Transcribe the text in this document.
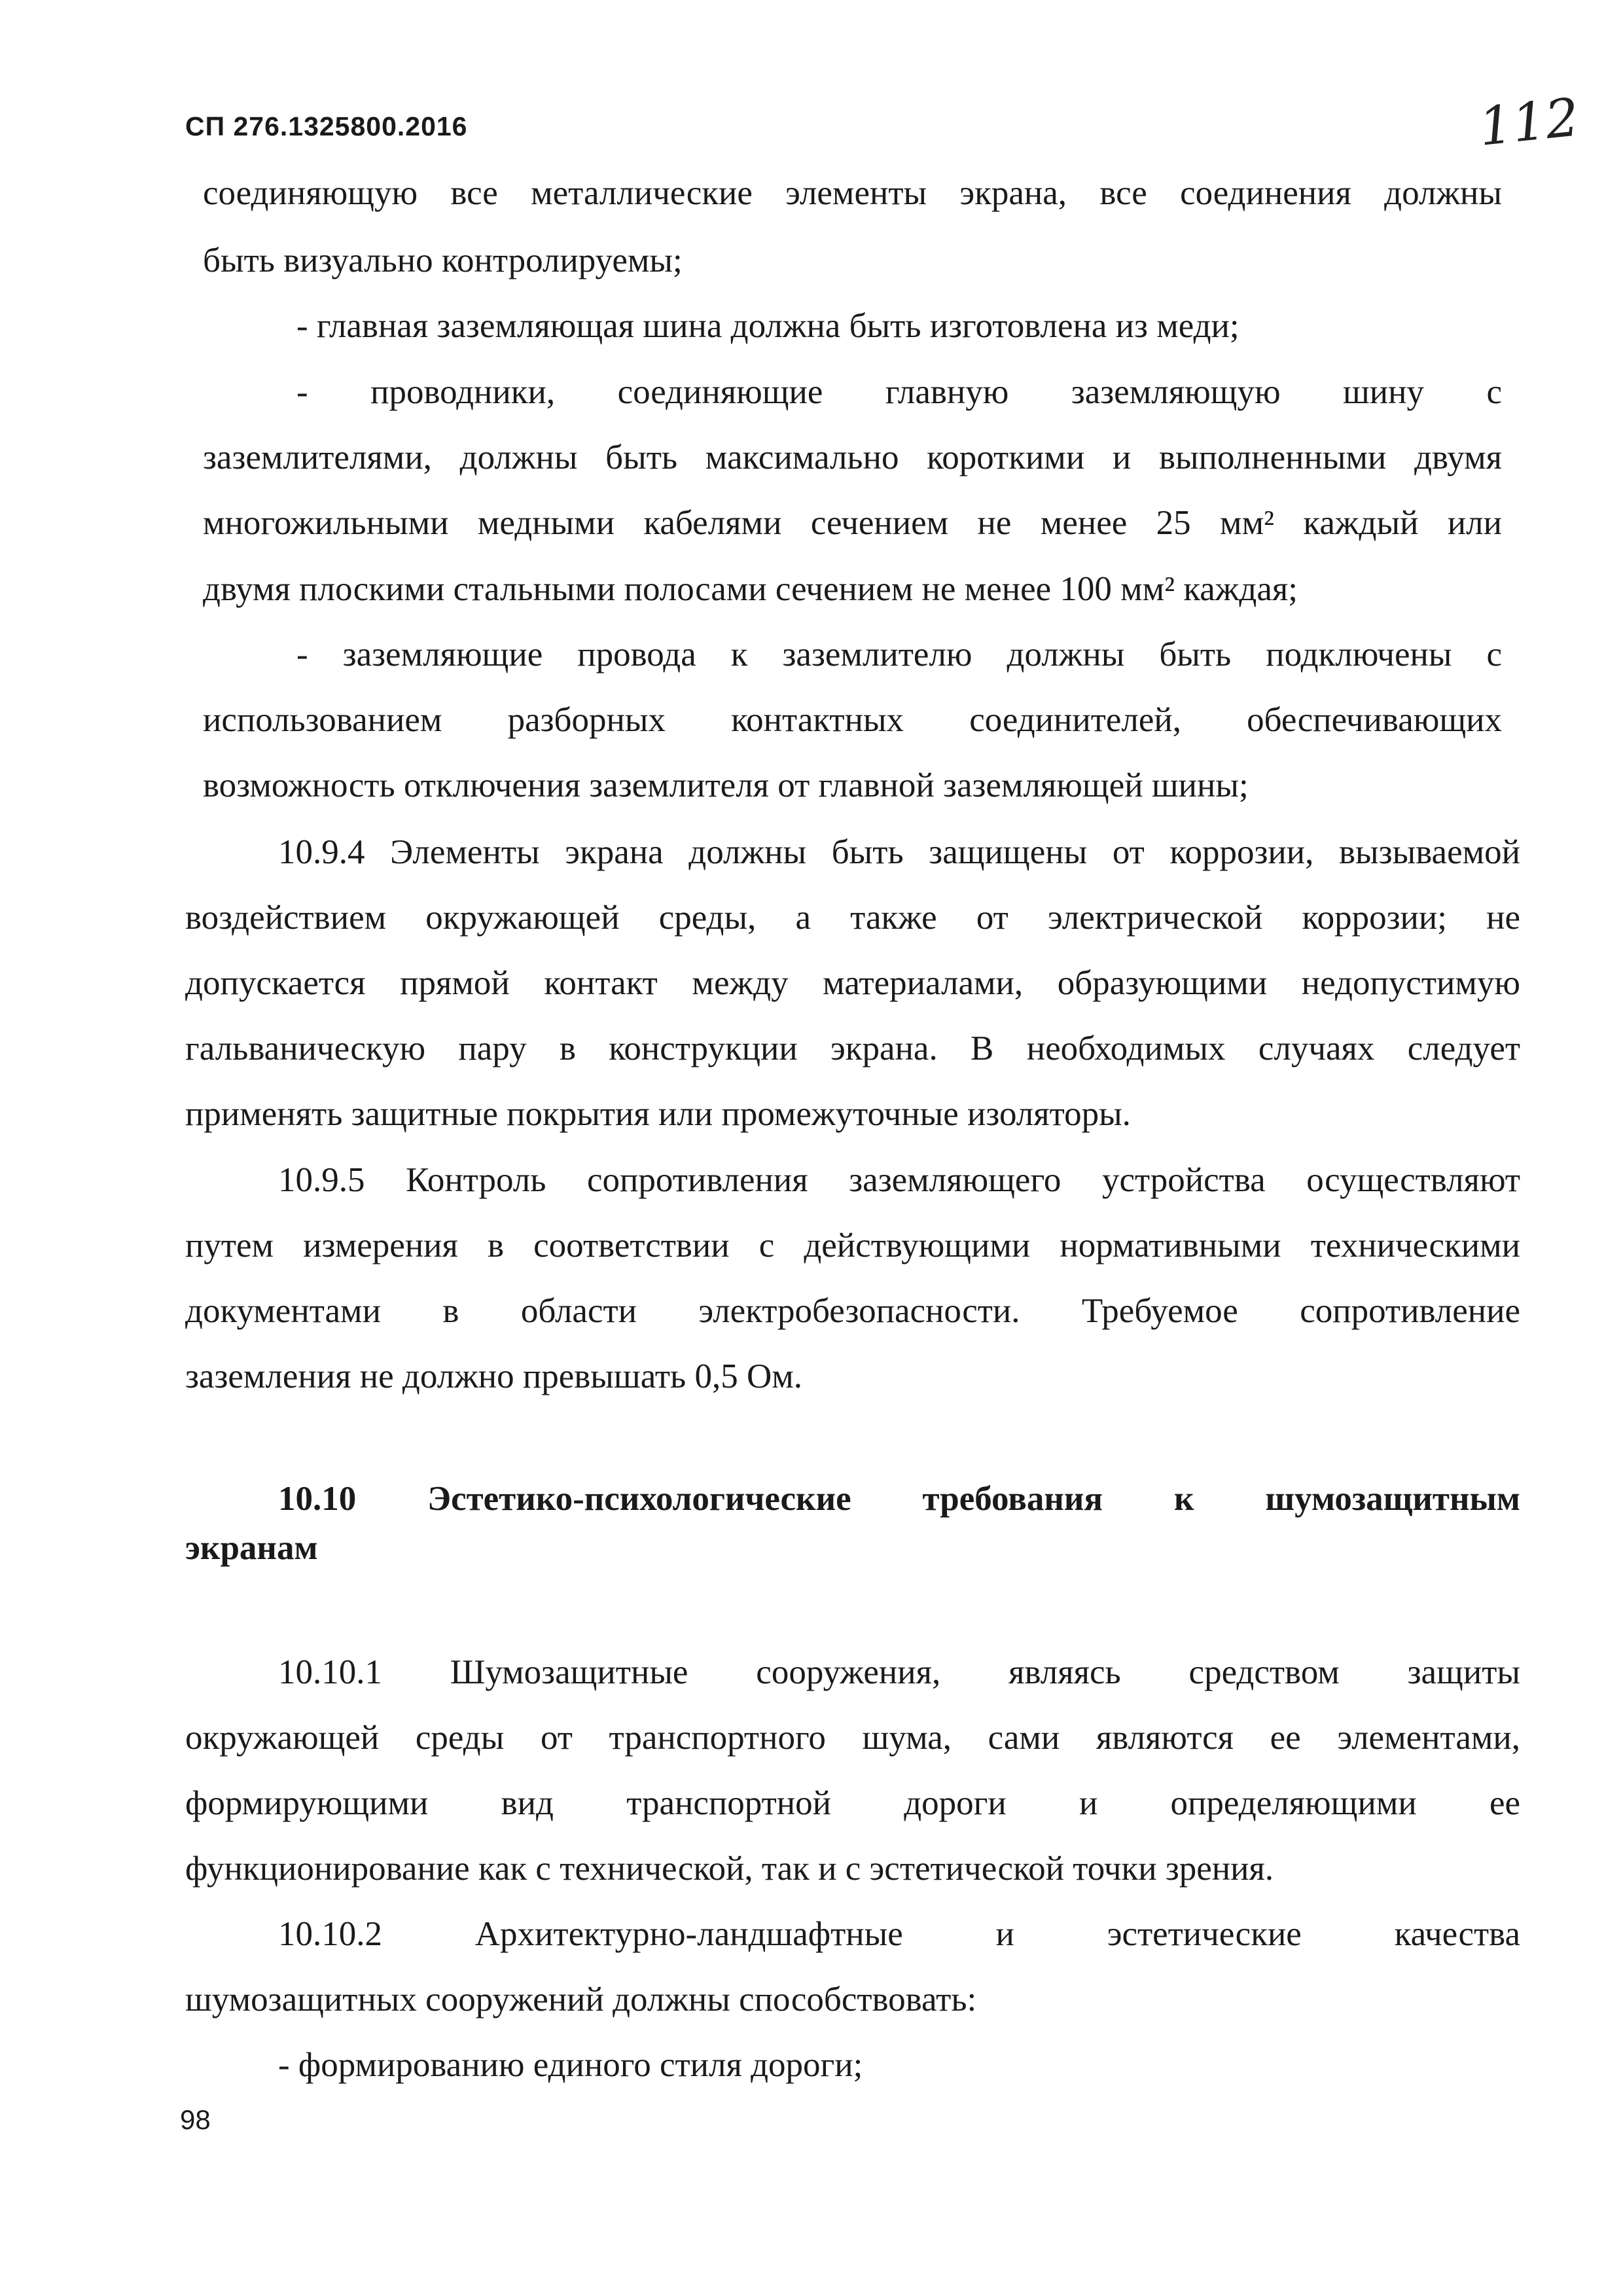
СП 276.1325800.2016	112
соединяющую все металлические элементы экрана, все соединения должны
быть визуально контролируемы;
- главная заземляющая шина должна быть изготовлена из меди;
- проводники, соединяющие главную заземляющую шину с
заземлителями, должны быть максимально короткими и выполненными двумя
многожильными медными кабелями сечением не менее 25 мм² каждый или
двумя плоскими стальными полосами сечением не менее 100 мм² каждая;
- заземляющие провода к заземлителю должны быть подключены с
использованием разборных контактных соединителей, обеспечивающих
возможность отключения заземлителя от главной заземляющей шины;
10.9.4 Элементы экрана должны быть защищены от коррозии, вызываемой
воздействием окружающей среды, а также от электрической коррозии; не
допускается прямой контакт между материалами, образующими недопустимую
гальваническую пару в конструкции экрана. В необходимых случаях следует
применять защитные покрытия или промежуточные изоляторы.
10.9.5 Контроль сопротивления заземляющего устройства осуществляют
путем измерения в соответствии с действующими нормативными техническими
документами в области электробезопасности. Требуемое сопротивление
заземления не должно превышать 0,5 Ом.
10.10 Эстетико-психологические требования к шумозащитным
экранам
10.10.1 Шумозащитные сооружения, являясь средством защиты
окружающей среды от транспортного шума, сами являются ее элементами,
формирующими вид транспортной дороги и определяющими ее
функционирование как с технической, так и с эстетической точки зрения.
10.10.2 Архитектурно-ландшафтные и эстетические качества
шумозащитных сооружений должны способствовать:
- формированию единого стиля дороги;
98
